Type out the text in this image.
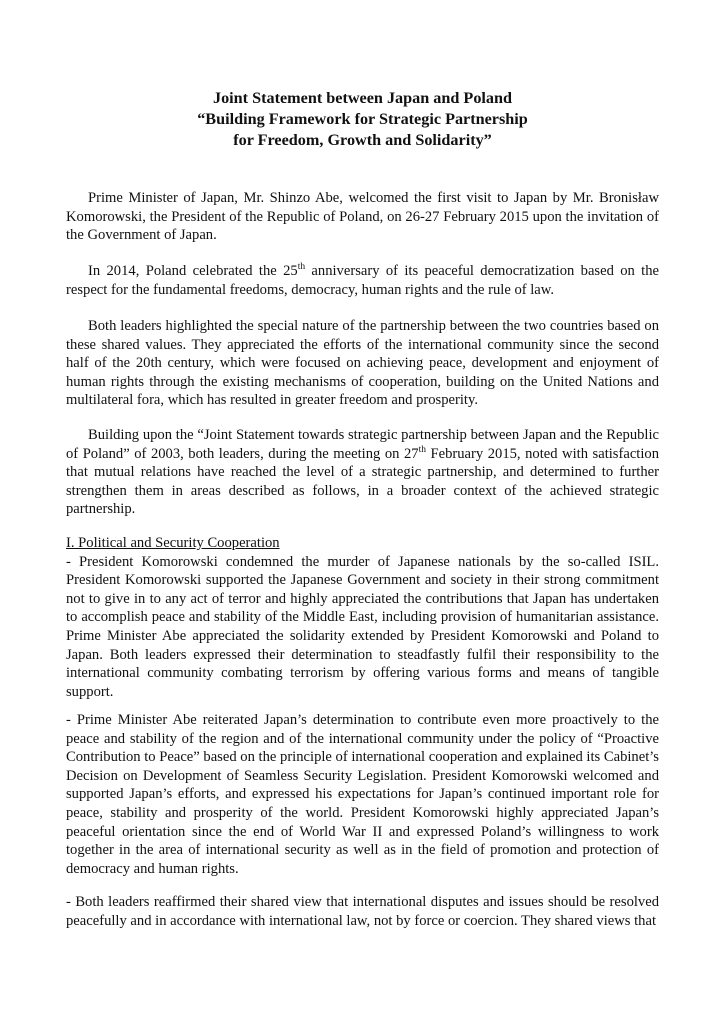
Joint Statement between Japan and Poland
“Building Framework for Strategic Partnership
for Freedom, Growth and Solidarity”

Prime Minister of Japan, Mr. Shinzo Abe, welcomed the first visit to Japan by Mr. Bronisław Komorowski, the President of the Republic of Poland, on 26-27 February 2015 upon the invitation of the Government of Japan.

In 2014, Poland celebrated the 25th anniversary of its peaceful democratization based on the respect for the fundamental freedoms, democracy, human rights and the rule of law.

Both leaders highlighted the special nature of the partnership between the two countries based on these shared values. They appreciated the efforts of the international community since the second half of the 20th century, which were focused on achieving peace, development and enjoyment of human rights through the existing mechanisms of cooperation, building on the United Nations and multilateral fora, which has resulted in greater freedom and prosperity.

Building upon the “Joint Statement towards strategic partnership between Japan and the Republic of Poland” of 2003, both leaders, during the meeting on 27th February 2015, noted with satisfaction that mutual relations have reached the level of a strategic partnership, and determined to further strengthen them in areas described as follows, in a broader context of the achieved strategic partnership.

I. Political and Security Cooperation

- President Komorowski condemned the murder of Japanese nationals by the so-called ISIL. President Komorowski supported the Japanese Government and society in their strong commitment not to give in to any act of terror and highly appreciated the contributions that Japan has undertaken to accomplish peace and stability of the Middle East, including provision of humanitarian assistance. Prime Minister Abe appreciated the solidarity extended by President Komorowski and Poland to Japan. Both leaders expressed their determination to steadfastly fulfil their responsibility to the international community combating terrorism by offering various forms and means of tangible support.

- Prime Minister Abe reiterated Japan’s determination to contribute even more proactively to the peace and stability of the region and of the international community under the policy of “Proactive Contribution to Peace” based on the principle of international cooperation and explained its Cabinet’s Decision on Development of Seamless Security Legislation. President Komorowski welcomed and supported Japan’s efforts, and expressed his expectations for Japan’s continued important role for peace, stability and prosperity of the world. President Komorowski highly appreciated Japan’s peaceful orientation since the end of World War II and expressed Poland’s willingness to work together in the area of international security as well as in the field of promotion and protection of democracy and human rights.

- Both leaders reaffirmed their shared view that international disputes and issues should be resolved peacefully and in accordance with international law, not by force or coercion. They shared views that
